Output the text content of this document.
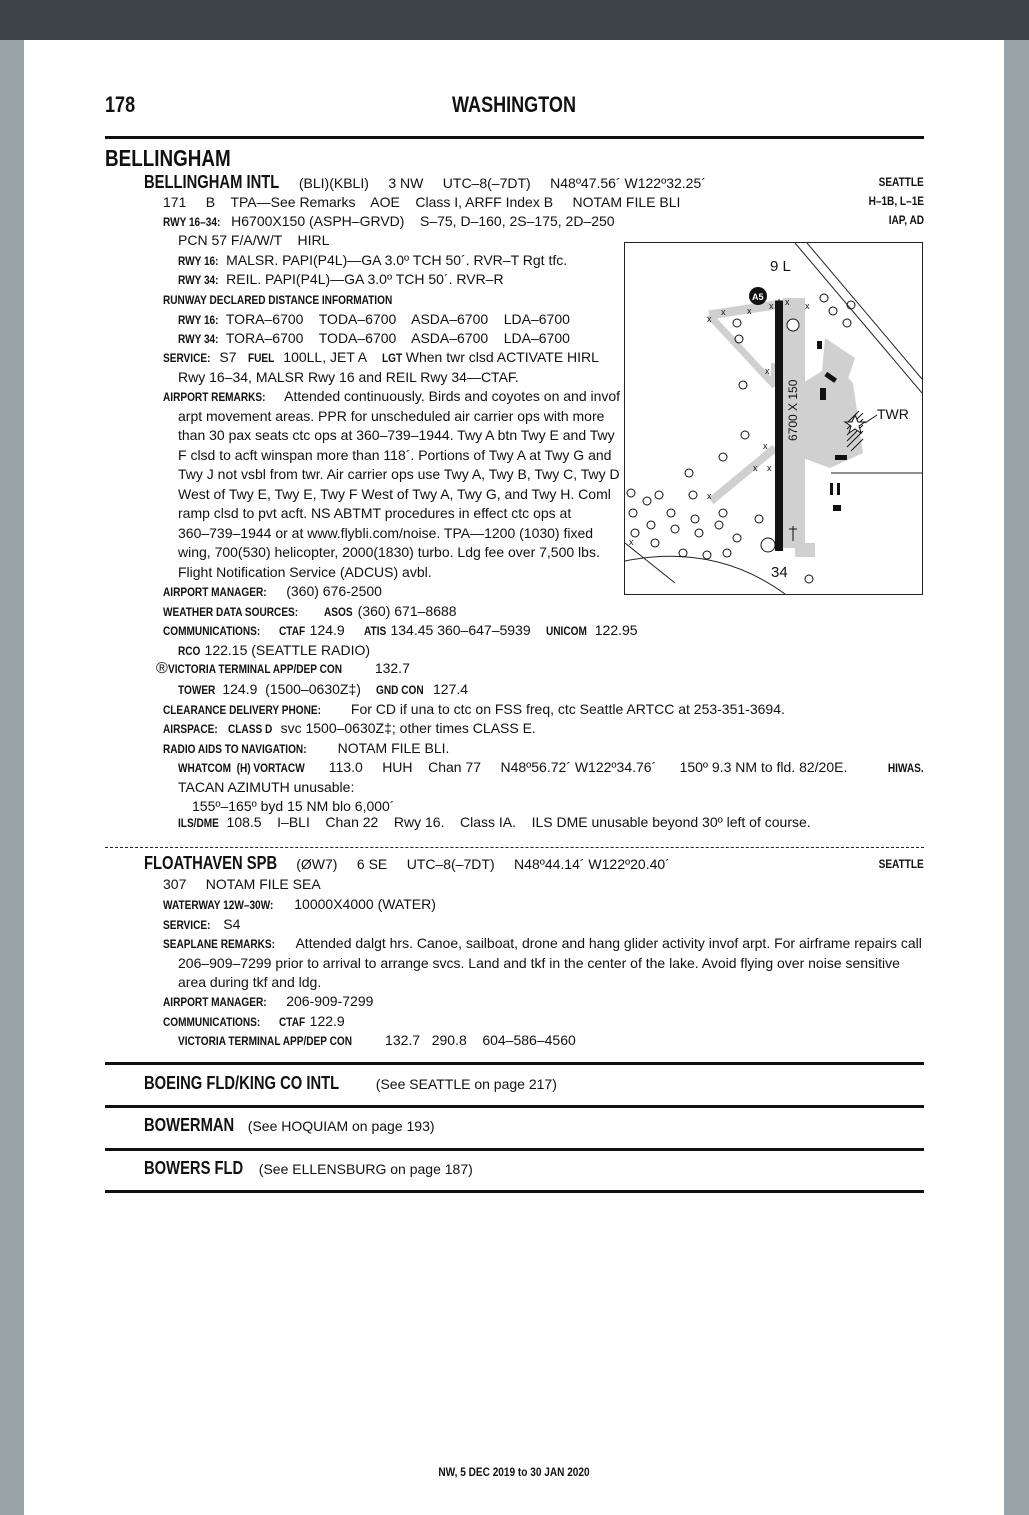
178	WASHINGTON
BELLINGHAM
BELLINGHAM INTL (BLI)(KBLI)     3 NW     UTC–8(–7DT)     N48º47.56´ W122º32.25´	SEATTLE
H–1B, L–1E
IAP, AD
171     B    TPA—See Remarks    AOE    Class I, ARFF Index B     NOTAM FILE BLI
RWY 16–34: H6700X150 (ASPH–GRVD)    S–75, D–160, 2S–175, 2D–250
PCN 57 F/A/W/T    HIRL
RWY 16: MALSR. PAPI(P4L)—GA 3.0º TCH 50´. RVR–T Rgt tfc.
RWY 34: REIL. PAPI(P4L)—GA 3.0º TCH 50´. RVR–R
RUNWAY DECLARED DISTANCE INFORMATION
RWY 16: TORA–6700    TODA–6700    ASDA–6700    LDA–6700
RWY 34: TORA–6700    TODA–6700    ASDA–6700    LDA–6700
SERVICE: S7   FUEL  100LL, JET A    LGT When twr clsd ACTIVATE HIRL
Rwy 16–34, MALSR Rwy 16 and REIL Rwy 34—CTAF.
AIRPORT REMARKS: Attended continuously. Birds and coyotes on and invof
arpt movement areas. PPR for unscheduled air carrier ops with more
than 30 pax seats ctc ops at 360–739–1944. Twy A btn Twy E and Twy
F clsd to acft winspan more than 118´. Portions of Twy A at Twy G and
Twy J not vsbl from twr. Air carrier ops use Twy A, Twy B, Twy C, Twy D
West of Twy E, Twy E, Twy F West of Twy A, Twy G, and Twy H. Coml
ramp clsd to pvt acft. NS ABTMT procedures in effect ctc ops at
360–739–1944 or at www.flybli.com/noise. TPA—1200 (1030) fixed
wing, 700(530) helicopter, 2000(1830) turbo. Ldg fee over 7,500 lbs.
Flight Notification Service (ADCUS) avbl.
AIRPORT MANAGER: (360) 676-2500
WEATHER DATA SOURCES: ASOS (360) 671–8688
COMMUNICATIONS: CTAF 124.9     ATIS 134.45 360–647–5939    UNICOM 122.95
RCO 122.15 (SEATTLE RADIO)
®VICTORIA TERMINAL APP/DEP CON 132.7
TOWER 124.9  (1500–0630Z‡)    GND CON 127.4
CLEARANCE DELIVERY PHONE: For CD if una to ctc on FSS freq, ctc Seattle ARTCC at 253-351-3694.
AIRSPACE: CLASS D svc 1500–0630Z‡; other times CLASS E.
RADIO AIDS TO NAVIGATION:  NOTAM FILE BLI.
WHATCOM  (H) VORTACW 113.0     HUH    Chan 77     N48º56.72´ W122º34.76´      150º 9.3 NM to fld. 82/20E.	HIWAS.
TACAN AZIMUTH unusable:
155º–165º byd 15 NM blo 6,000´
ILS/DME 108.5    I–BLI    Chan 22    Rwy 16.    Class IA.    ILS DME unusable beyond 30º left of course.
TWR
9 L
34
6700 X 150
A5
x
x x x x x
x
x
x x
x
x
FLOATHAVEN SPB (ØW7)     6 SE     UTC–8(–7DT)     N48º44.14´ W122º20.40´	SEATTLE
307     NOTAM FILE SEA
WATERWAY 12W–30W: 10000X4000 (WATER)
SERVICE:  S4
SEAPLANE REMARKS: Attended dalgt hrs. Canoe, sailboat, drone and hang glider activity invof arpt. For airframe repairs call
206–909–7299 prior to arrival to arrange svcs. Land and tkf in the center of the lake. Avoid flying over noise sensitive
area during tkf and ldg.
AIRPORT MANAGER: 206-909-7299
COMMUNICATIONS: CTAF 122.9
VICTORIA TERMINAL APP/DEP CON 132.7   290.8    604–586–4560
BOEING FLD/KING CO INTL  (See SEATTLE on page 217)
BOWERMAN  (See HOQUIAM on page 193)
BOWERS FLD  (See ELLENSBURG on page 187)
NW, 5 DEC 2019 to 30 JAN 2020
